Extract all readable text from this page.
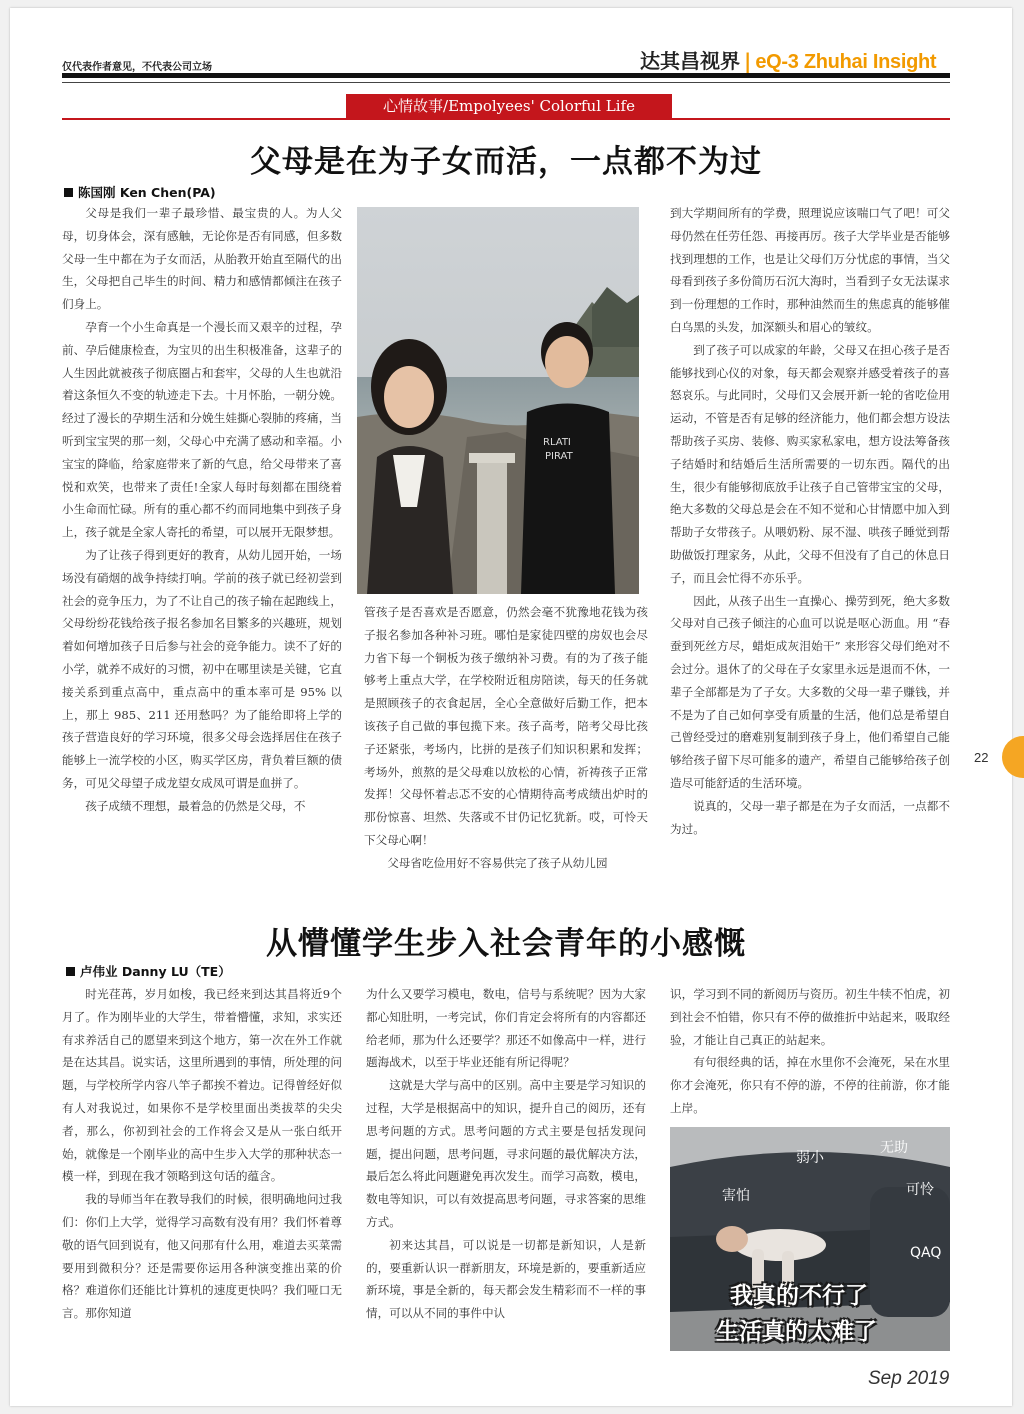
仅代表作者意见，不代表公司立场	达其昌视界 | eQ-3 Zhuhai Insight
心情故事/Empolyees' Colorful Life
父母是在为子女而活，一点都不为过
陈国刚 Ken Chen(PA)

父母是我们一辈子最珍惜、最宝贵的人。为人父母，切身体会，深有感触，无论你是否有同感，但多数父母一生中都在为子女而活，从胎教开始直至隔代的出生，父母把自己毕生的时间、精力和感情都倾注在孩子们身上。

孕育一个小生命真是一个漫长而又艰辛的过程，孕前、孕后健康检查，为宝贝的出生积极准备，这辈子的人生因此就被孩子彻底圈占和套牢，父母的人生也就沿着这条恒久不变的轨迹走下去。十月怀胎，一朝分娩。经过了漫长的孕期生活和分娩生娃撕心裂肺的疼痛，当听到宝宝哭的那一刻，父母心中充满了感动和幸福。小宝宝的降临，给家庭带来了新的气息，给父母带来了喜悦和欢笑，也带来了责任!全家人每时每刻都在围绕着小生命而忙碌。所有的重心都不约而同地集中到孩子身上，孩子就是全家人寄托的希望，可以展开无限梦想。

为了让孩子得到更好的教育，从幼儿园开始，一场场没有硝烟的战争持续打响。学前的孩子就已经初尝到社会的竞争压力，为了不让自己的孩子输在起跑线上，父母纷纷花钱给孩子报名参加名目繁多的兴趣班，规划着如何增加孩子日后参与社会的竞争能力。读不了好的小学，就养不成好的习惯，初中在哪里读是关键，它直接关系到重点高中，重点高中的重本率可是 95% 以上，那上 985、211 还用愁吗？为了能给即将上学的孩子营造良好的学习环境，很多父母会选择居住在孩子能够上一流学校的小区，购买学区房，背负着巨额的债务，可见父母望子成龙望女成凤可谓是血拼了。

孩子成绩不理想，最着急的仍然是父母，不

RLATI
PIRAT

管孩子是否喜欢是否愿意，仍然会毫不犹豫地花钱为孩子报名参加各种补习班。哪怕是家徒四壁的房奴也会尽力省下每一个铜板为孩子缴纳补习费。有的为了孩子能够考上重点大学，在学校附近租房陪读，每天的任务就是照顾孩子的衣食起居，全心全意做好后勤工作，把本该孩子自己做的事包揽下来。孩子高考，陪考父母比孩子还紧张，考场内，比拼的是孩子们知识积累和发挥；考场外，煎熬的是父母难以放松的心情，祈祷孩子正常发挥！父母怀着忐忑不安的心情期待高考成绩出炉时的那份惊喜、坦然、失落或不甘仍记忆犹新。哎，可怜天下父母心啊！

父母省吃俭用好不容易供完了孩子从幼儿园

到大学期间所有的学费，照理说应该喘口气了吧！可父母仍然在任劳任怨、再接再厉。孩子大学毕业是否能够找到理想的工作，也是让父母们万分忧虑的事情，当父母看到孩子多份简历石沉大海时，当看到子女无法谋求到一份理想的工作时，那种油然而生的焦虑真的能够催白乌黑的头发，加深额头和眉心的皱纹。

到了孩子可以成家的年龄，父母又在担心孩子是否能够找到心仪的对象，每天都会观察并感受着孩子的喜怒哀乐。与此同时，父母们又会展开新一轮的省吃俭用运动，不管是否有足够的经济能力，他们都会想方设法帮助孩子买房、装修、购买家私家电，想方设法筹备孩子结婚时和结婚后生活所需要的一切东西。隔代的出生，很少有能够彻底放手让孩子自己管带宝宝的父母，绝大多数的父母总是会在不知不觉和心甘情愿中加入到帮助子女带孩子。从喂奶粉、尿不湿、哄孩子睡觉到帮助做饭打理家务，从此，父母不但没有了自己的休息日子，而且会忙得不亦乐乎。

因此，从孩子出生一直操心、操劳到死，绝大多数父母对自己孩子倾注的心血可以说是呕心沥血。用 “春蚕到死丝方尽，蜡炬成灰泪始干” 来形容父母们绝对不会过分。退休了的父母在子女家里永远是退而不休，一辈子全部都是为了子女。大多数的父母一辈子赚钱，并不是为了自己如何享受有质量的生活，他们总是希望自己曾经受过的磨难别复制到孩子身上，他们希望自己能够给孩子留下尽可能多的遗产，希望自己能够给孩子创造尽可能舒适的生活环境。

说真的，父母一辈子都是在为子女而活，一点都不为过。

从懵懂学生步入社会青年的小感慨
卢伟业 Danny LU（TE）

时光荏苒，岁月如梭，我已经来到达其昌将近9个月了。作为刚毕业的大学生，带着懵懂，求知，求实还有求养活自己的愿望来到这个地方，第一次在外工作就是在达其昌。说实话，这里所遇到的事情，所处理的问题，与学校所学内容八竿子都挨不着边。记得曾经好似有人对我说过，如果你不是学校里面出类拔萃的尖尖者，那么，你初到社会的工作将会又是从一张白纸开始，就像是一个刚毕业的高中生步入大学的那种状态一模一样，到现在我才领略到这句话的蕴含。

我的导师当年在教导我们的时候，很明确地问过我们：你们上大学，觉得学习高数有没有用？我们怀着尊敬的语气回到说有，他又问那有什么用，难道去买菜需要用到微积分？还是需要你运用各种演变推出菜的价格？难道你们还能比计算机的速度更快吗？我们哑口无言。那你知道

为什么又要学习模电，数电，信号与系统呢？因为大家都心知肚明，一考完试，你们肯定会将所有的内容都还给老师，那为什么还要学？那还不如像高中一样，进行题海战术，以至于毕业还能有所记得呢？

这就是大学与高中的区别。高中主要是学习知识的过程，大学是根据高中的知识，提升自己的阅历，还有思考问题的方式。思考问题的方式主要是包括发现问题，提出问题，思考问题，寻求问题的最优解决方法，最后怎么将此问题避免再次发生。而学习高数，模电，数电等知识，可以有效提高思考问题，寻求答案的思维方式。

初来达其昌，可以说是一切都是新知识，人是新的，要重新认识一群新朋友，环境是新的，要重新适应新环境，事是全新的，每天都会发生精彩而不一样的事情，可以从不同的事件中认

识，学习到不同的新阅历与资历。初生牛犊不怕虎，初到社会不怕错，你只有不停的做推折中站起来，吸取经验，才能让自己真正的站起来。

有句很经典的话，掉在水里你不会淹死，呆在水里你才会淹死，你只有不停的游，不停的往前游，你才能上岸。

弱小
无助
害怕	可怜
QAQ
我真的不行了
生活真的太难了
22
Sep 2019
